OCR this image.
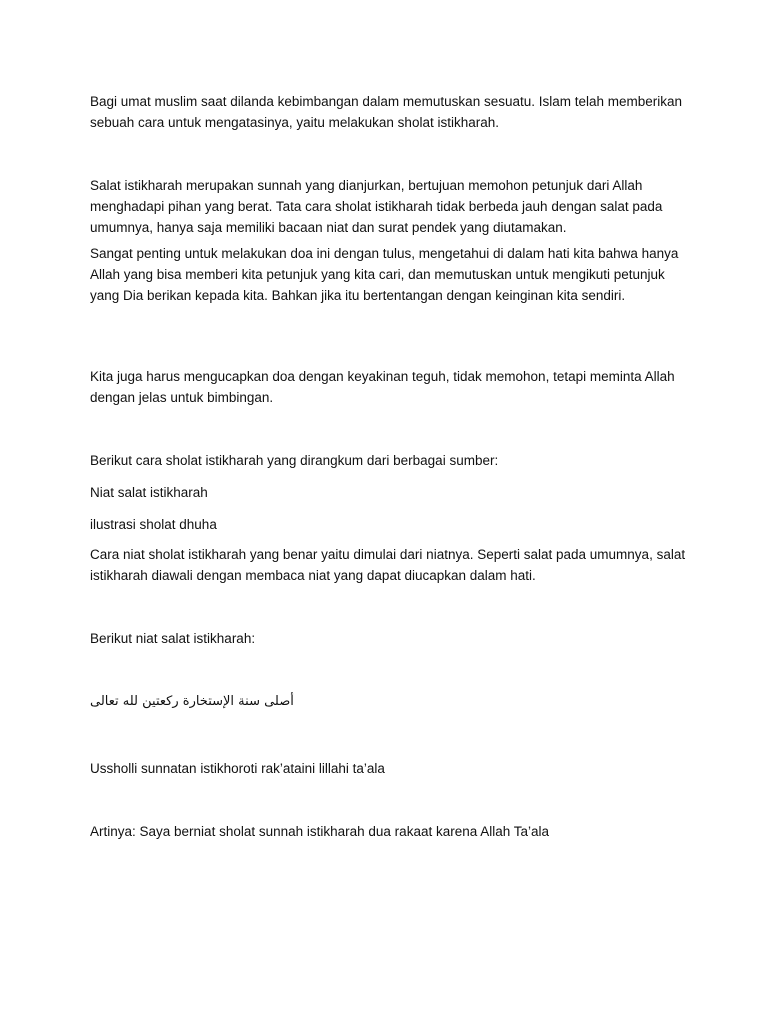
Bagi umat muslim saat dilanda kebimbangan dalam memutuskan sesuatu. Islam telah memberikan sebuah cara untuk mengatasinya, yaitu melakukan sholat istikharah.

Salat istikharah merupakan sunnah yang dianjurkan, bertujuan memohon petunjuk dari Allah menghadapi pihan yang berat. Tata cara sholat istikharah tidak berbeda jauh dengan salat pada umumnya, hanya saja memiliki bacaan niat dan surat pendek yang diutamakan.

Sangat penting untuk melakukan doa ini dengan tulus, mengetahui di dalam hati kita bahwa hanya Allah yang bisa memberi kita petunjuk yang kita cari, dan memutuskan untuk mengikuti petunjuk yang Dia berikan kepada kita. Bahkan jika itu bertentangan dengan keinginan kita sendiri.

Kita juga harus mengucapkan doa dengan keyakinan teguh, tidak memohon, tetapi meminta Allah dengan jelas untuk bimbingan.

Berikut cara sholat istikharah yang dirangkum dari berbagai sumber:

Niat salat istikharah

ilustrasi sholat dhuha

Cara niat sholat istikharah yang benar yaitu dimulai dari niatnya. Seperti salat pada umumnya, salat istikharah diawali dengan membaca niat yang dapat diucapkan dalam hati.

Berikut niat salat istikharah:

أصلى سنة الإستخارة ركعتين لله تعالى

Ussholli sunnatan istikhoroti rak’ataini lillahi ta’ala

Artinya: Saya berniat sholat sunnah istikharah dua rakaat karena Allah Ta’ala
